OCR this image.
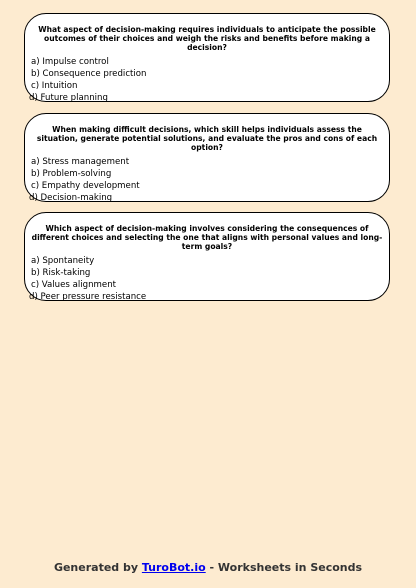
What aspect of decision-making requires individuals to anticipate the possible outcomes of their choices and weigh the risks and benefits before making a decision?

a) Impulse control
b) Consequence prediction
c) Intuition
d) Future planning

When making difficult decisions, which skill helps individuals assess the situation, generate potential solutions, and evaluate the pros and cons of each option?

a) Stress management
b) Problem-solving
c) Empathy development
d) Decision-making

Which aspect of decision-making involves considering the consequences of different choices and selecting the one that aligns with personal values and long-term goals?

a) Spontaneity
b) Risk-taking
c) Values alignment
d) Peer pressure resistance
Generated by TuroBot.io - Worksheets in Seconds
